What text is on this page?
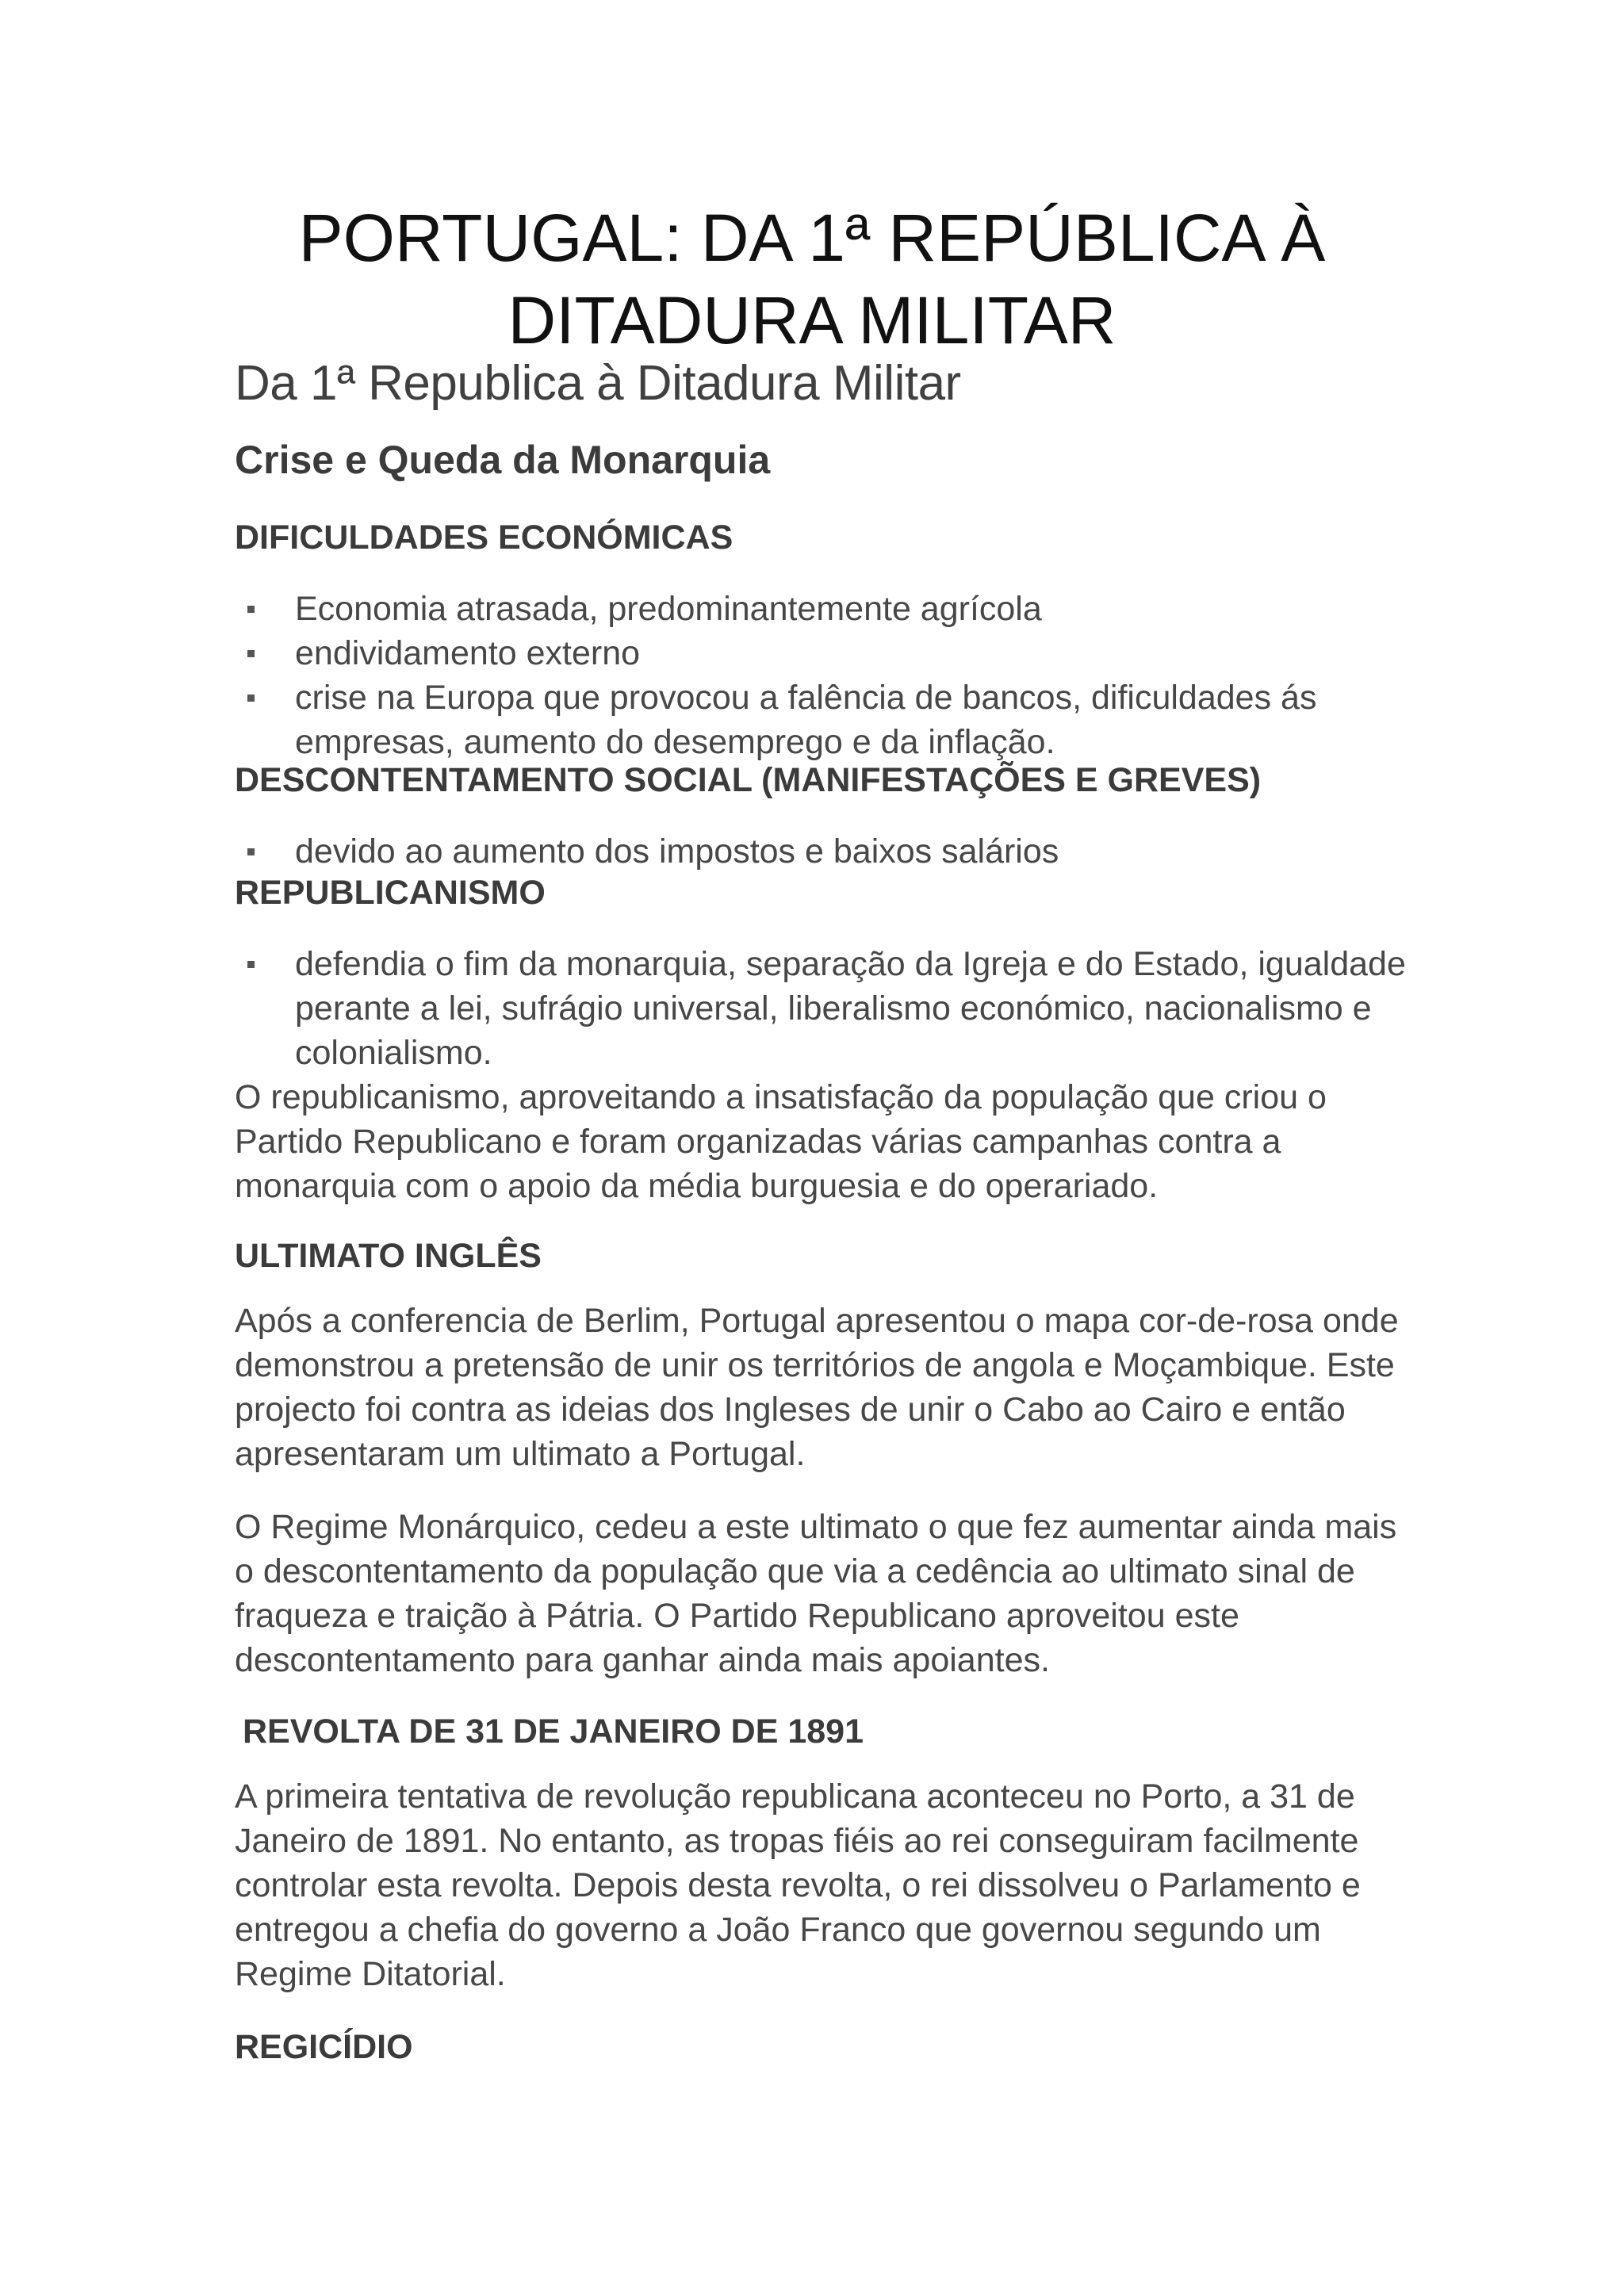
PORTUGAL: DA 1ª REPÚBLICA À DITADURA MILITAR
Da 1ª Republica à Ditadura Militar
Crise e Queda da Monarquia
DIFICULDADES ECONÓMICAS
Economia atrasada, predominantemente agrícola
endividamento externo
crise na Europa que provocou a falência de bancos, dificuldades ás empresas, aumento do desemprego e da inflação.
DESCONTENTAMENTO SOCIAL (MANIFESTAÇÕES E GREVES)
devido ao aumento dos impostos e baixos salários
REPUBLICANISMO
defendia o fim da monarquia, separação da Igreja e do Estado, igualdade perante a lei, sufrágio universal, liberalismo económico, nacionalismo e colonialismo.

O republicanismo, aproveitando a insatisfação da população que criou o Partido Republicano e foram organizadas várias campanhas contra a monarquia com o apoio da média burguesia e do operariado.

ULTIMATO INGLÊS

Após a conferencia de Berlim, Portugal apresentou o mapa cor-de-rosa onde demonstrou a pretensão de unir os territórios de angola e Moçambique. Este projecto foi contra as ideias dos Ingleses de unir o Cabo ao Cairo e então apresentaram um ultimato a Portugal.

O Regime Monárquico, cedeu a este ultimato o que fez aumentar ainda mais o descontentamento da população que via a cedência ao ultimato sinal de fraqueza e traição à Pátria. O Partido Republicano aproveitou este descontentamento para ganhar ainda mais apoiantes.

REVOLTA DE 31 DE JANEIRO DE 1891

A primeira tentativa de revolução republicana aconteceu no Porto, a 31 de Janeiro de 1891. No entanto, as tropas fiéis ao rei conseguiram facilmente controlar esta revolta. Depois desta revolta, o rei dissolveu o Parlamento e entregou a chefia do governo a João Franco que governou segundo um Regime Ditatorial.

REGICÍDIO
